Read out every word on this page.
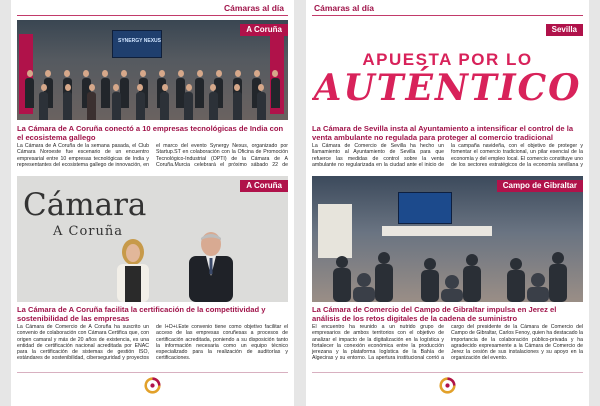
Cámaras al día
SYNERGY NEXUS
A Coruña
La Cámara de A Coruña conectó a 10 empresas tecnológicas de India con el ecosistema gallego

La Cámara de A Coruña de la semana pasada, el Club Cámara Noroeste fue escenario de un encuentro empresarial entre 10 empresas tecnológicas de India y representantes del ecosistema gallego de innovación, en el marco del evento Synergy Nexus, organizado por Startup.ST en colaboración con la Oficina de Promoción Tecnológico-Industrial (OPTI) de la Cámara de A Coruña.Murcia celebrará el próximo sábado 22 de

Cámara
A Coruña
A Coruña
La Cámara de A Coruña facilita la certificación de la competitividad y sostenibilidad de las empresas

La Cámara de Comercio de A Coruña ha suscrito un convenio de colaboración con Cámara Certifica que, con origen camaral y más de 20 años de existencia, es una entidad de certificación nacional acreditada por ENAC para la certificación de sistemas de gestión ISO, estándares de sostenibilidad, ciberseguridad y proyectos de I+D+i.Este convenio tiene como objetivo facilitar el acceso de las empresas coruñesas a procesos de certificación acreditada, poniendo a su disposición tanto la información necesaria como un equipo técnico especializado para la realización de auditorías y certificaciones.

Cámaras al día
APUESTA POR LO
AUTÉNTICO
Sevilla
La Cámara de Sevilla insta al Ayuntamiento a intensificar el control de la venta ambulante no regulada para proteger al comercio tradicional

La Cámara de Comercio de Sevilla ha hecho un llamamiento al Ayuntamiento de Sevilla para que refuerce las medidas de control sobre la venta ambulante no regularizada en la ciudad ante el inicio de la campaña navideña, con el objetivo de proteger y fomentar el comercio tradicional, un pilar esencial de la economía y del empleo local. El comercio constituye uno de los sectores estratégicos de la economía sevillana y

Campo de Gibraltar
La Cámara de Comercio del Campo de Gibraltar impulsa en Jerez el análisis de los retos digitales de la cadena de suministro

El encuentro ha reunido a un nutrido grupo de empresarios de ambos territorios con el objetivo de analizar el impacto de la digitalización en la logística y fortalecer la conexión económica entre la producción jerezana y la plataforma logística de la Bahía de Algeciras y su entorno. La apertura institucional corrió a cargo del presidente de la Cámara de Comercio del Campo de Gibraltar, Carlos Fenoy, quien ha destacado la importancia de la colaboración público-privada y ha agradecido expresamente a la Cámara de Comercio de Jerez la cesión de sus instalaciones y su apoyo en la organización del evento.
